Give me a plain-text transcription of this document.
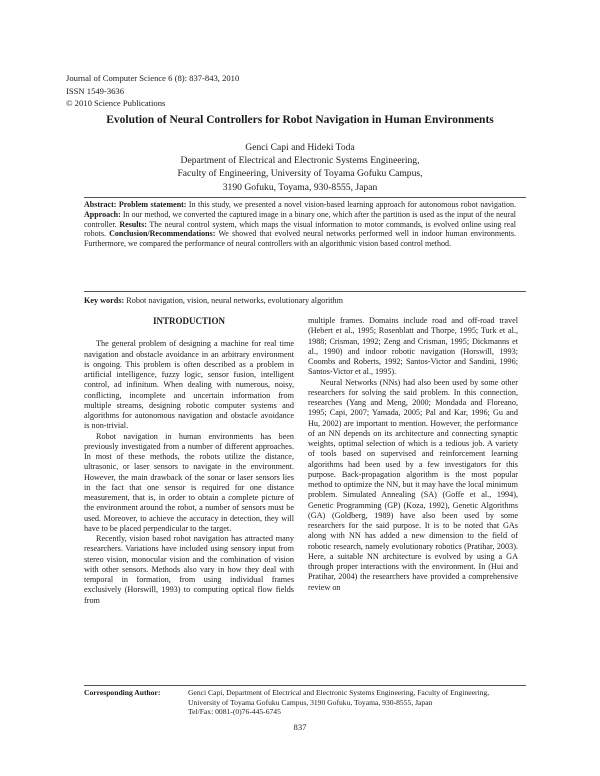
Journal of Computer Science 6 (8): 837-843, 2010
ISSN 1549-3636
© 2010 Science Publications
Evolution of Neural Controllers for Robot Navigation in Human Environments
Genci Capi and Hideki Toda
Department of Electrical and Electronic Systems Engineering,
Faculty of Engineering, University of Toyama Gofuku Campus,
3190 Gofuku, Toyama, 930-8555, Japan
Abstract: Problem statement: In this study, we presented a novel vision-based learning approach for autonomous robot navigation. Approach: In our method, we converted the captured image in a binary one, which after the partition is used as the input of the neural controller. Results: The neural control system, which maps the visual information to motor commands, is evolved online using real robots. Conclusion/Recommendations: We showed that evolved neural networks performed well in indoor human environments. Furthermore, we compared the performance of neural controllers with an algorithmic vision based control method.
Key words: Robot navigation, vision, neural networks, evolutionary algorithm
INTRODUCTION

The general problem of designing a machine for real time navigation and obstacle avoidance in an arbitrary environment is ongoing. This problem is often described as a problem in artificial intelligence, fuzzy logic, sensor fusion, intelligent control, ad infinitum. When dealing with numerous, noisy, conflicting, incomplete and uncertain information from multiple streams, designing robotic computer systems and algorithms for autonomous navigation and obstacle avoidance is non-trivial.

Robot navigation in human environments has been previously investigated from a number of different approaches. In most of these methods, the robots utilize the distance, ultrasonic, or laser sensors to navigate in the environment. However, the main drawback of the sonar or laser sensors lies in the fact that one sensor is required for one distance measurement, that is, in order to obtain a complete picture of the environment around the robot, a number of sensors must be used. Moreover, to achieve the accuracy in detection, they will have to be placed perpendicular to the target.

Recently, vision based robot navigation has attracted many researchers. Variations have included using sensory input from stereo vision, monocular vision and the combination of vision with other sensors. Methods also vary in how they deal with temporal in formation, from using individual frames exclusively (Horswill, 1993) to computing optical flow fields from

multiple frames. Domains include road and off-road travel (Hebert et al., 1995; Rosenblatt and Thorpe, 1995; Turk et al., 1988; Crisman, 1992; Zeng and Crisman, 1995; Dickmanns et al., 1990) and indoor robotic navigation (Horswill, 1993; Coombs and Roberts, 1992; Santos-Victor and Sandini, 1996; Santos-Victor et al., 1995).

Neural Networks (NNs) had also been used by some other researchers for solving the said problem. In this connection, researches (Yang and Meng, 2000; Mondada and Floreano, 1995; Capi, 2007; Yamada, 2005; Pal and Kar, 1996; Gu and Hu, 2002) are important to mention. However, the performance of an NN depends on its architecture and connecting synaptic weights, optimal selection of which is a tedious job. A variety of tools based on supervised and reinforcement learning algorithms had been used by a few investigators for this purpose. Back-propagation algorithm is the most popular method to optimize the NN, but it may have the local minimum problem. Simulated Annealing (SA) (Goffe et al., 1994), Genetic Programming (GP) (Koza, 1992), Genetic Algorithms (GA) (Goldberg, 1989) have also been used by some researchers for the said purpose. It is to be noted that GAs along with NN has added a new dimension to the field of robotic research, namely evolutionary robotics (Pratihar, 2003). Here, a suitable NN architecture is evolved by using a GA through proper interactions with the environment. In (Hui and Pratihar, 2004) the researchers have provided a comprehensive review on

Corresponding Author:	Genci Capi, Department of Electrical and Electronic Systems Engineering, Faculty of Engineering,
University of Toyama Gofuku Campus, 3190 Gofuku, Toyama, 930-8555, Japan
Tel/Fax: 0081-(0)76-445-6745
837
